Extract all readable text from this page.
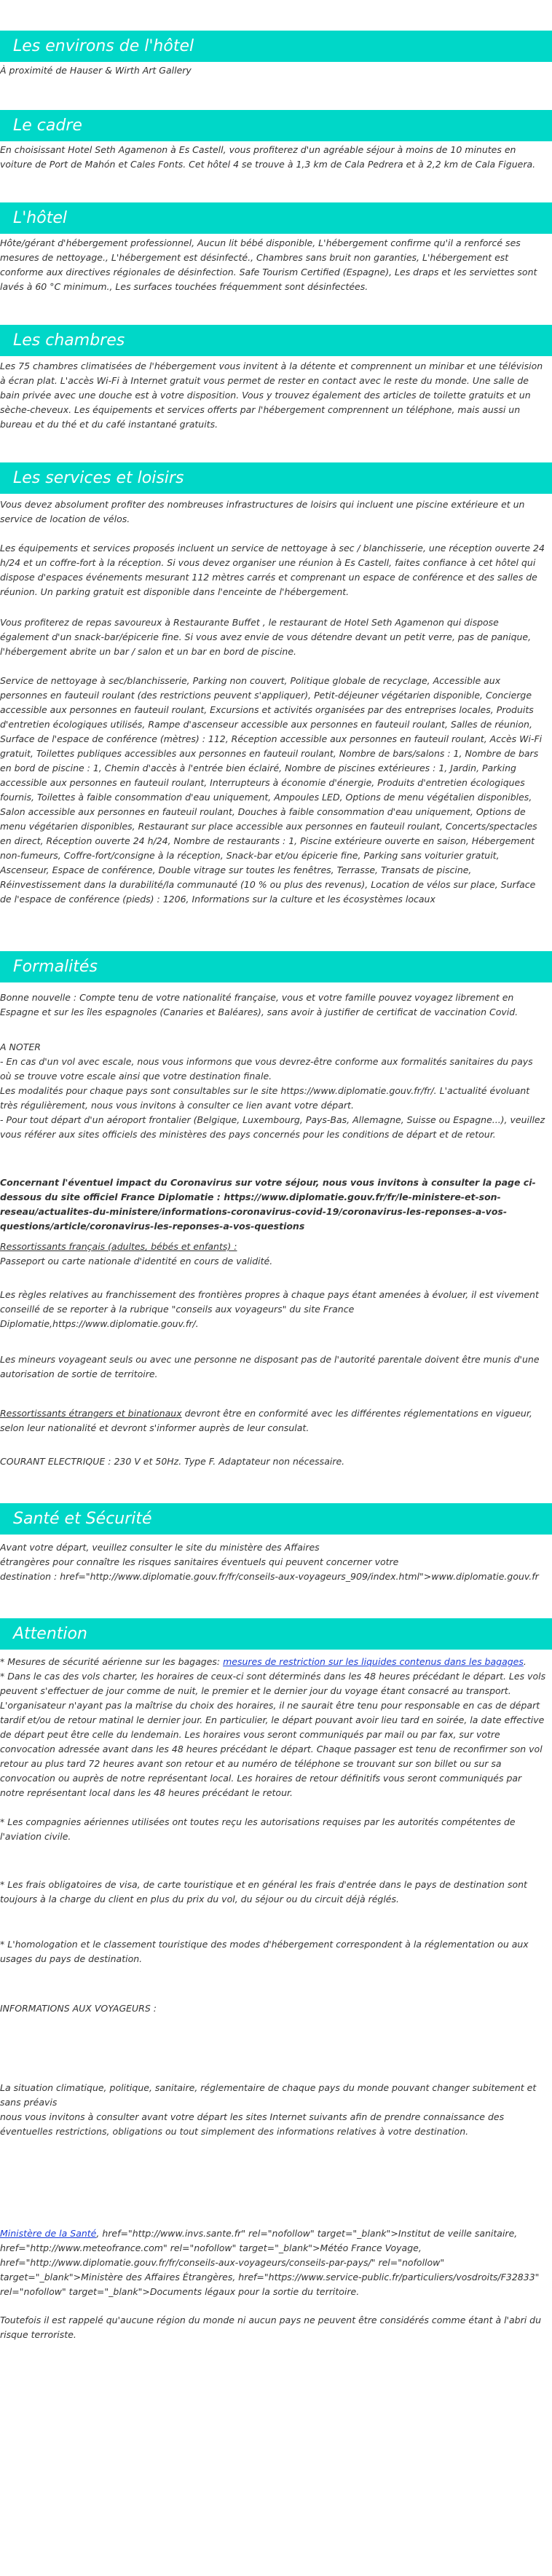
Les environs de l'hôtel
À proximité de Hauser & Wirth Art Gallery
Le cadre
En choisissant Hotel Seth Agamenon à Es Castell, vous profiterez d'un agréable séjour à moins de 10 minutes en voiture de Port de Mahón et Cales Fonts. Cet hôtel 4 se trouve à 1,3 km de Cala Pedrera et à 2,2 km de Cala Figuera.
L'hôtel
Hôte/gérant d'hébergement professionnel, Aucun lit bébé disponible, L'hébergement confirme qu'il a renforcé ses mesures de nettoyage., L'hébergement est désinfecté., Chambres sans bruit non garanties, L'hébergement est conforme aux directives régionales de désinfection. Safe Tourism Certified (Espagne), Les draps et les serviettes sont lavés à 60 °C minimum., Les surfaces touchées fréquemment sont désinfectées.
Les chambres
Les 75 chambres climatisées de l'hébergement vous invitent à la détente et comprennent un minibar et une télévision à écran plat. L'accès Wi-Fi à Internet gratuit vous permet de rester en contact avec le reste du monde. Une salle de bain privée avec une douche est à votre disposition. Vous y trouvez également des articles de toilette gratuits et un sèche-cheveux. Les équipements et services offerts par l'hébergement comprennent un téléphone, mais aussi un bureau et du thé et du café instantané gratuits.
Les services et loisirs
Vous devez absolument profiter des nombreuses infrastructures de loisirs qui incluent une piscine extérieure et un service de location de vélos.
Les équipements et services proposés incluent un service de nettoyage à sec / blanchisserie, une réception ouverte 24 h/24 et un coffre-fort à la réception. Si vous devez organiser une réunion à Es Castell, faites confiance à cet hôtel qui dispose d'espaces événements mesurant 112 mètres carrés et comprenant un espace de conférence et des salles de réunion. Un parking gratuit est disponible dans l'enceinte de l'hébergement.
Vous profiterez de repas savoureux à Restaurante Buffet , le restaurant de Hotel Seth Agamenon qui dispose également d'un snack-bar/épicerie fine. Si vous avez envie de vous détendre devant un petit verre, pas de panique, l'hébergement abrite un bar / salon et un bar en bord de piscine.
Service de nettoyage à sec/blanchisserie, Parking non couvert, Politique globale de recyclage, Accessible aux personnes en fauteuil roulant (des restrictions peuvent s'appliquer), Petit-déjeuner végétarien disponible, Concierge accessible aux personnes en fauteuil roulant, Excursions et activités organisées par des entreprises locales, Produits d'entretien écologiques utilisés, Rampe d'ascenseur accessible aux personnes en fauteuil roulant, Salles de réunion, Surface de l'espace de conférence (mètres) : 112, Réception accessible aux personnes en fauteuil roulant, Accès Wi-Fi gratuit, Toilettes publiques accessibles aux personnes en fauteuil roulant, Nombre de bars/salons : 1, Nombre de bars en bord de piscine : 1, Chemin d'accès à l'entrée bien éclairé, Nombre de piscines extérieures : 1, Jardin, Parking accessible aux personnes en fauteuil roulant, Interrupteurs à économie d'énergie, Produits d'entretien écologiques fournis, Toilettes à faible consommation d'eau uniquement, Ampoules LED, Options de menu végétalien disponibles, Salon accessible aux personnes en fauteuil roulant, Douches à faible consommation d'eau uniquement, Options de menu végétarien disponibles, Restaurant sur place accessible aux personnes en fauteuil roulant, Concerts/spectacles en direct, Réception ouverte 24 h/24, Nombre de restaurants : 1, Piscine extérieure ouverte en saison, Hébergement non-fumeurs, Coffre-fort/consigne à la réception, Snack-bar et/ou épicerie fine, Parking sans voiturier gratuit, Ascenseur, Espace de conférence, Double vitrage sur toutes les fenêtres, Terrasse, Transats de piscine, Réinvestissement dans la durabilité/la communauté (10 % ou plus des revenus), Location de vélos sur place, Surface de l'espace de conférence (pieds) : 1206, Informations sur la culture et les écosystèmes locaux
Formalités
Bonne nouvelle : Compte tenu de votre nationalité française, vous et votre famille pouvez voyagez librement en Espagne et sur les îles espagnoles (Canaries et Baléares), sans avoir à justifier de certificat de vaccination Covid.

A NOTER

- En cas d'un vol avec escale, nous vous informons que vous devrez-être conforme aux formalités sanitaires du pays où se trouve votre escale ainsi que votre destination finale.

Les modalités pour chaque pays sont consultables sur le site https://www.diplomatie.gouv.fr/fr/. L'actualité évoluant très régulièrement, nous vous invitons à consulter ce lien avant votre départ.

- Pour tout départ d'un aéroport frontalier (Belgique, Luxembourg, Pays-Bas, Allemagne, Suisse ou Espagne...), veuillez vous référer aux sites officiels des ministères des pays concernés pour les conditions de départ et de retour.

Concernant l'éventuel impact du Coronavirus sur votre séjour, nous vous invitons à consulter la page ci-dessous du site officiel France Diplomatie : https://www.diplomatie.gouv.fr/fr/le-ministere-et-son-reseau/actualites-du-ministere/informations-coronavirus-covid-19/coronavirus-les-reponses-a-vos-questions/article/coronavirus-les-reponses-a-vos-questions

Ressortissants français (adultes, bébés et enfants) :

Passeport ou carte nationale d'identité en cours de validité.

Les règles relatives au franchissement des frontières propres à chaque pays étant amenées à évoluer, il est vivement conseillé de se reporter à la rubrique "conseils aux voyageurs" du site France Diplomatie,https://www.diplomatie.gouv.fr/.
Les mineurs voyageant seuls ou avec une personne ne disposant pas de l'autorité parentale doivent être munis d'une autorisation de sortie de territoire.
Ressortissants étrangers et binationaux devront être en conformité avec les différentes réglementations en vigueur, selon leur nationalité et devront s'informer auprès de leur consulat.
COURANT ELECTRIQUE : 230 V et 50Hz. Type F. Adaptateur non nécessaire.
Santé et Sécurité

Avant votre départ, veuillez consulter le site du ministère des Affaires

étrangères pour connaître les risques sanitaires éventuels qui peuvent concerner votre

destination : href="http://www.diplomatie.gouv.fr/fr/conseils-aux-voyageurs_909/index.html">www.diplomatie.gouv.fr

Attention
* Mesures de sécurité aérienne sur les bagages: mesures de restriction sur les liquides contenus dans les bagages.
* Dans le cas des vols charter, les horaires de ceux-ci sont déterminés dans les 48 heures précédant le départ. Les vols peuvent s'effectuer de jour comme de nuit, le premier et le dernier jour du voyage étant consacré au transport. L'organisateur n'ayant pas la maîtrise du choix des horaires, il ne saurait être tenu pour responsable en cas de départ tardif et/ou de retour matinal le dernier jour. En particulier, le départ pouvant avoir lieu tard en soirée, la date effective de départ peut être celle du lendemain. Les horaires vous seront communiqués par mail ou par fax, sur votre convocation adressée avant dans les 48 heures précédant le départ. Chaque passager est tenu de reconfirmer son vol retour au plus tard 72 heures avant son retour et au numéro de téléphone se trouvant sur son billet ou sur sa convocation ou auprès de notre représentant local. Les horaires de retour définitifs vous seront communiqués par notre représentant local dans les 48 heures précédant le retour.
* Les compagnies aériennes utilisées ont toutes reçu les autorisations requises par les autorités compétentes de l'aviation civile.
* Les frais obligatoires de visa, de carte touristique et en général les frais d'entrée dans le pays de destination sont toujours à la charge du client en plus du prix du vol, du séjour ou du circuit déjà réglés.
* L'homologation et le classement touristique des modes d'hébergement correspondent à la réglementation ou aux usages du pays de destination.
INFORMATIONS AUX VOYAGEURS :

La situation climatique, politique, sanitaire, réglementaire de chaque pays du monde pouvant changer subitement et sans préavis

nous vous invitons à consulter avant votre départ les sites Internet suivants afin de prendre connaissance des éventuelles restrictions, obligations ou tout simplement des informations relatives à votre destination.

Ministère de la Santé, href="http://www.invs.sante.fr" rel="nofollow" target="_blank">Institut de veille sanitaire, href="http://www.meteofrance.com" rel="nofollow" target="_blank">Météo France Voyage, href="http://www.diplomatie.gouv.fr/fr/conseils-aux-voyageurs/conseils-par-pays/" rel="nofollow" target="_blank">Ministère des Affaires Étrangères, href="https://www.service-public.fr/particuliers/vosdroits/F32833" rel="nofollow" target="_blank">Documents légaux pour la sortie du territoire.
Toutefois il est rappelé qu'aucune région du monde ni aucun pays ne peuvent être considérés comme étant à l'abri du risque terroriste.
